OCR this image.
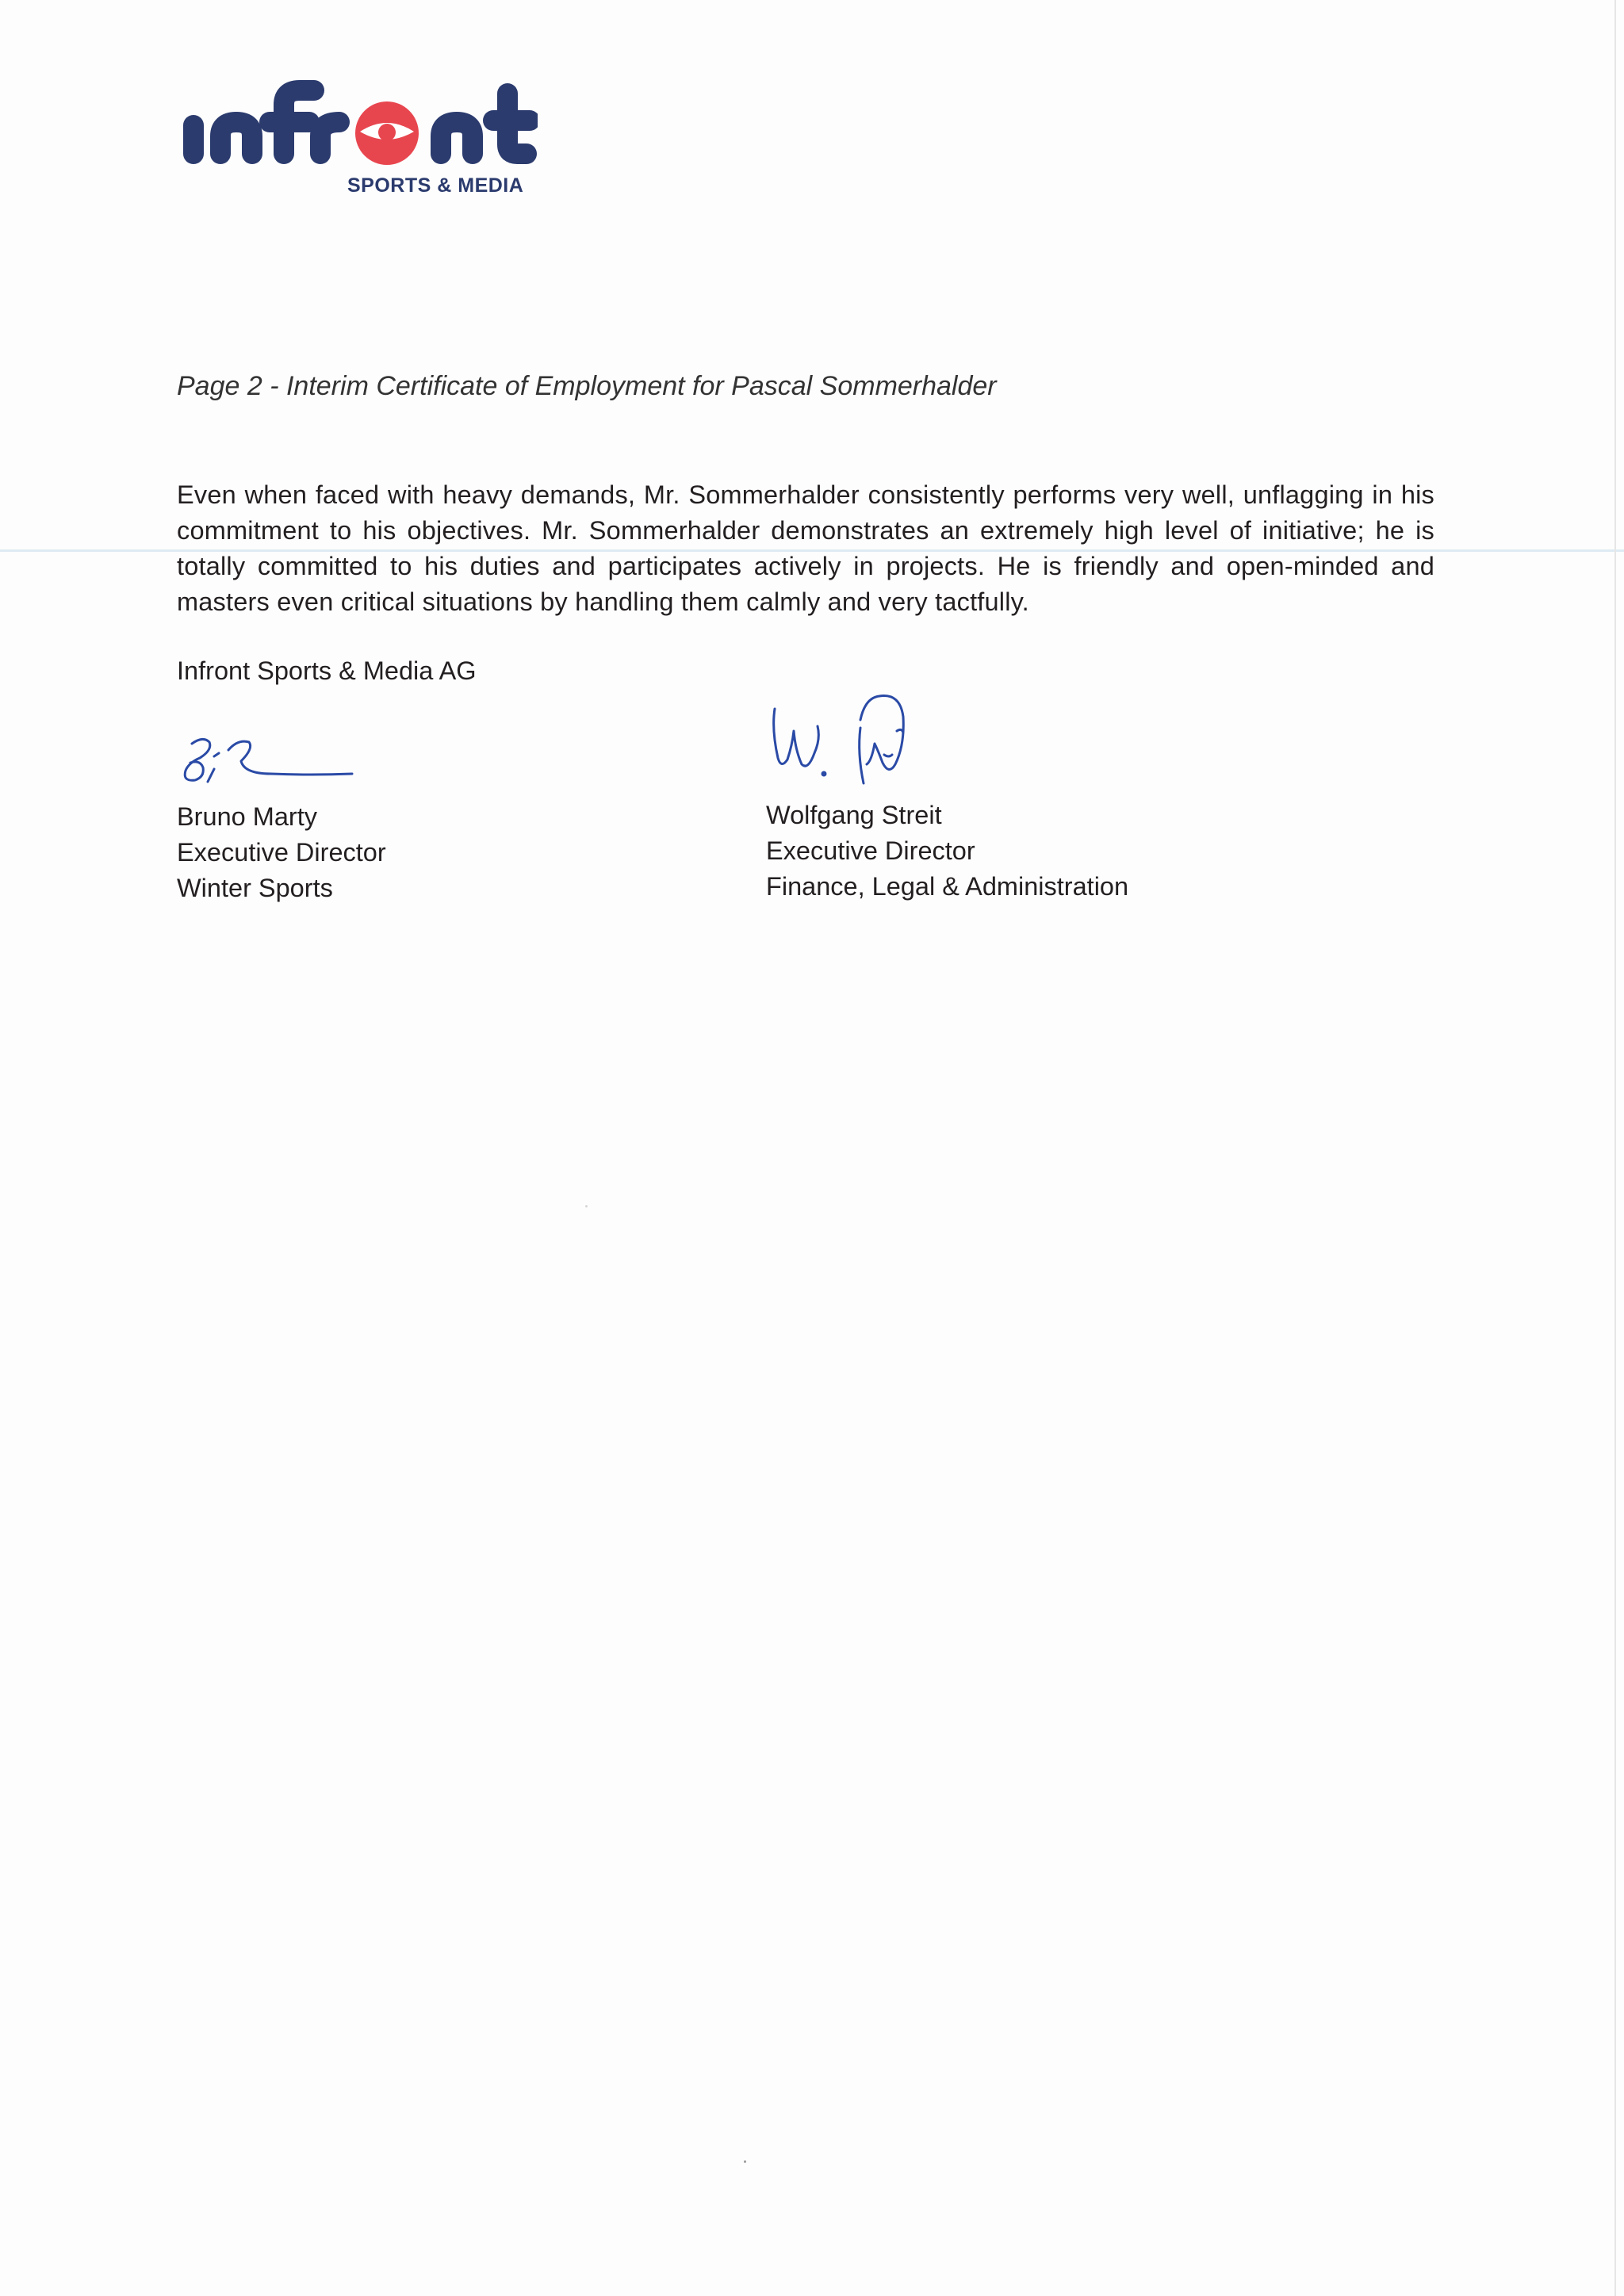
SPORTS & MEDIA
Page 2 - Interim Certificate of Employment for Pascal Sommerhalder
Even when faced with heavy demands, Mr. Sommerhalder consistently performs very well, unflagging in his commitment to his objectives. Mr. Sommerhalder demonstrates an extremely high level of initiative; he is totally committed to his duties and participates actively in projects. He is friendly and open-minded and masters even critical situations by handling them calmly and very tactfully.
Infront Sports & Media AG
Bruno Marty
Executive Director
Winter Sports
Wolfgang Streit
Executive Director
Finance, Legal & Administration
